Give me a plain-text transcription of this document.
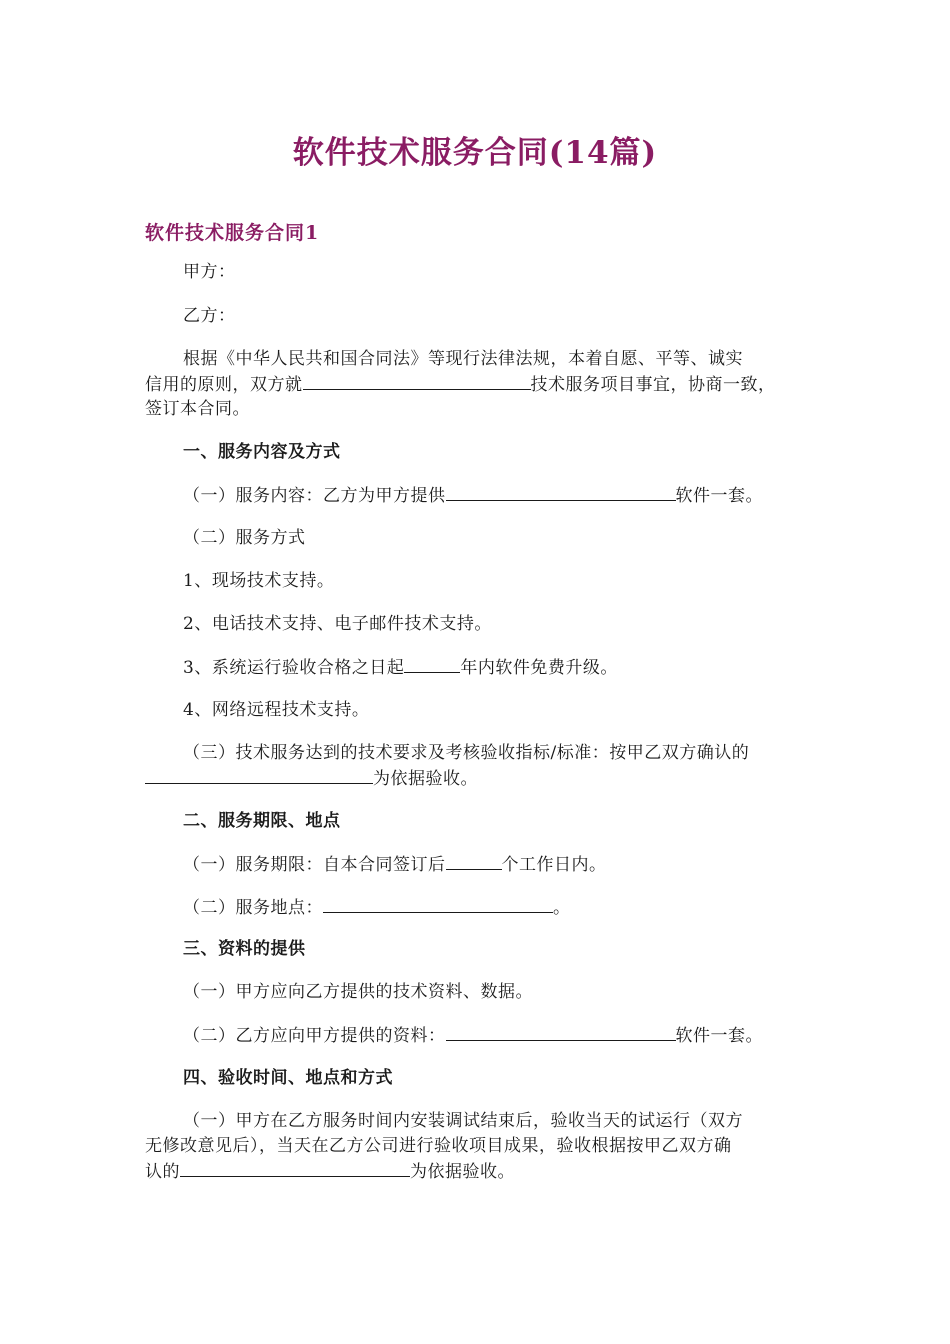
软件技术服务合同(14篇)
软件技术服务合同1
甲方：
乙方：
根据《中华人民共和国合同法》等现行法律法规，本着自愿、平等、诚实
信用的原则，双方就	技术服务项目事宜，协商一致，
签订本合同。
一、服务内容及方式
（一）服务内容：乙方为甲方提供	软件一套。
（二）服务方式
1、现场技术支持。
2、电话技术支持、电子邮件技术支持。
3、系统运行验收合格之日起	年内软件免费升级。
4、网络远程技术支持。
（三）技术服务达到的技术要求及考核验收指标/标准：按甲乙双方确认的
为依据验收。
二、服务期限、地点
（一）服务期限：自本合同签订后	个工作日内。
（二）服务地点：	。
三、资料的提供
（一）甲方应向乙方提供的技术资料、数据。
（二）乙方应向甲方提供的资料：	软件一套。
四、验收时间、地点和方式
（一）甲方在乙方服务时间内安装调试结束后，验收当天的试运行（双方
无修改意见后），当天在乙方公司进行验收项目成果，验收根据按甲乙双方确
认的	为依据验收。
